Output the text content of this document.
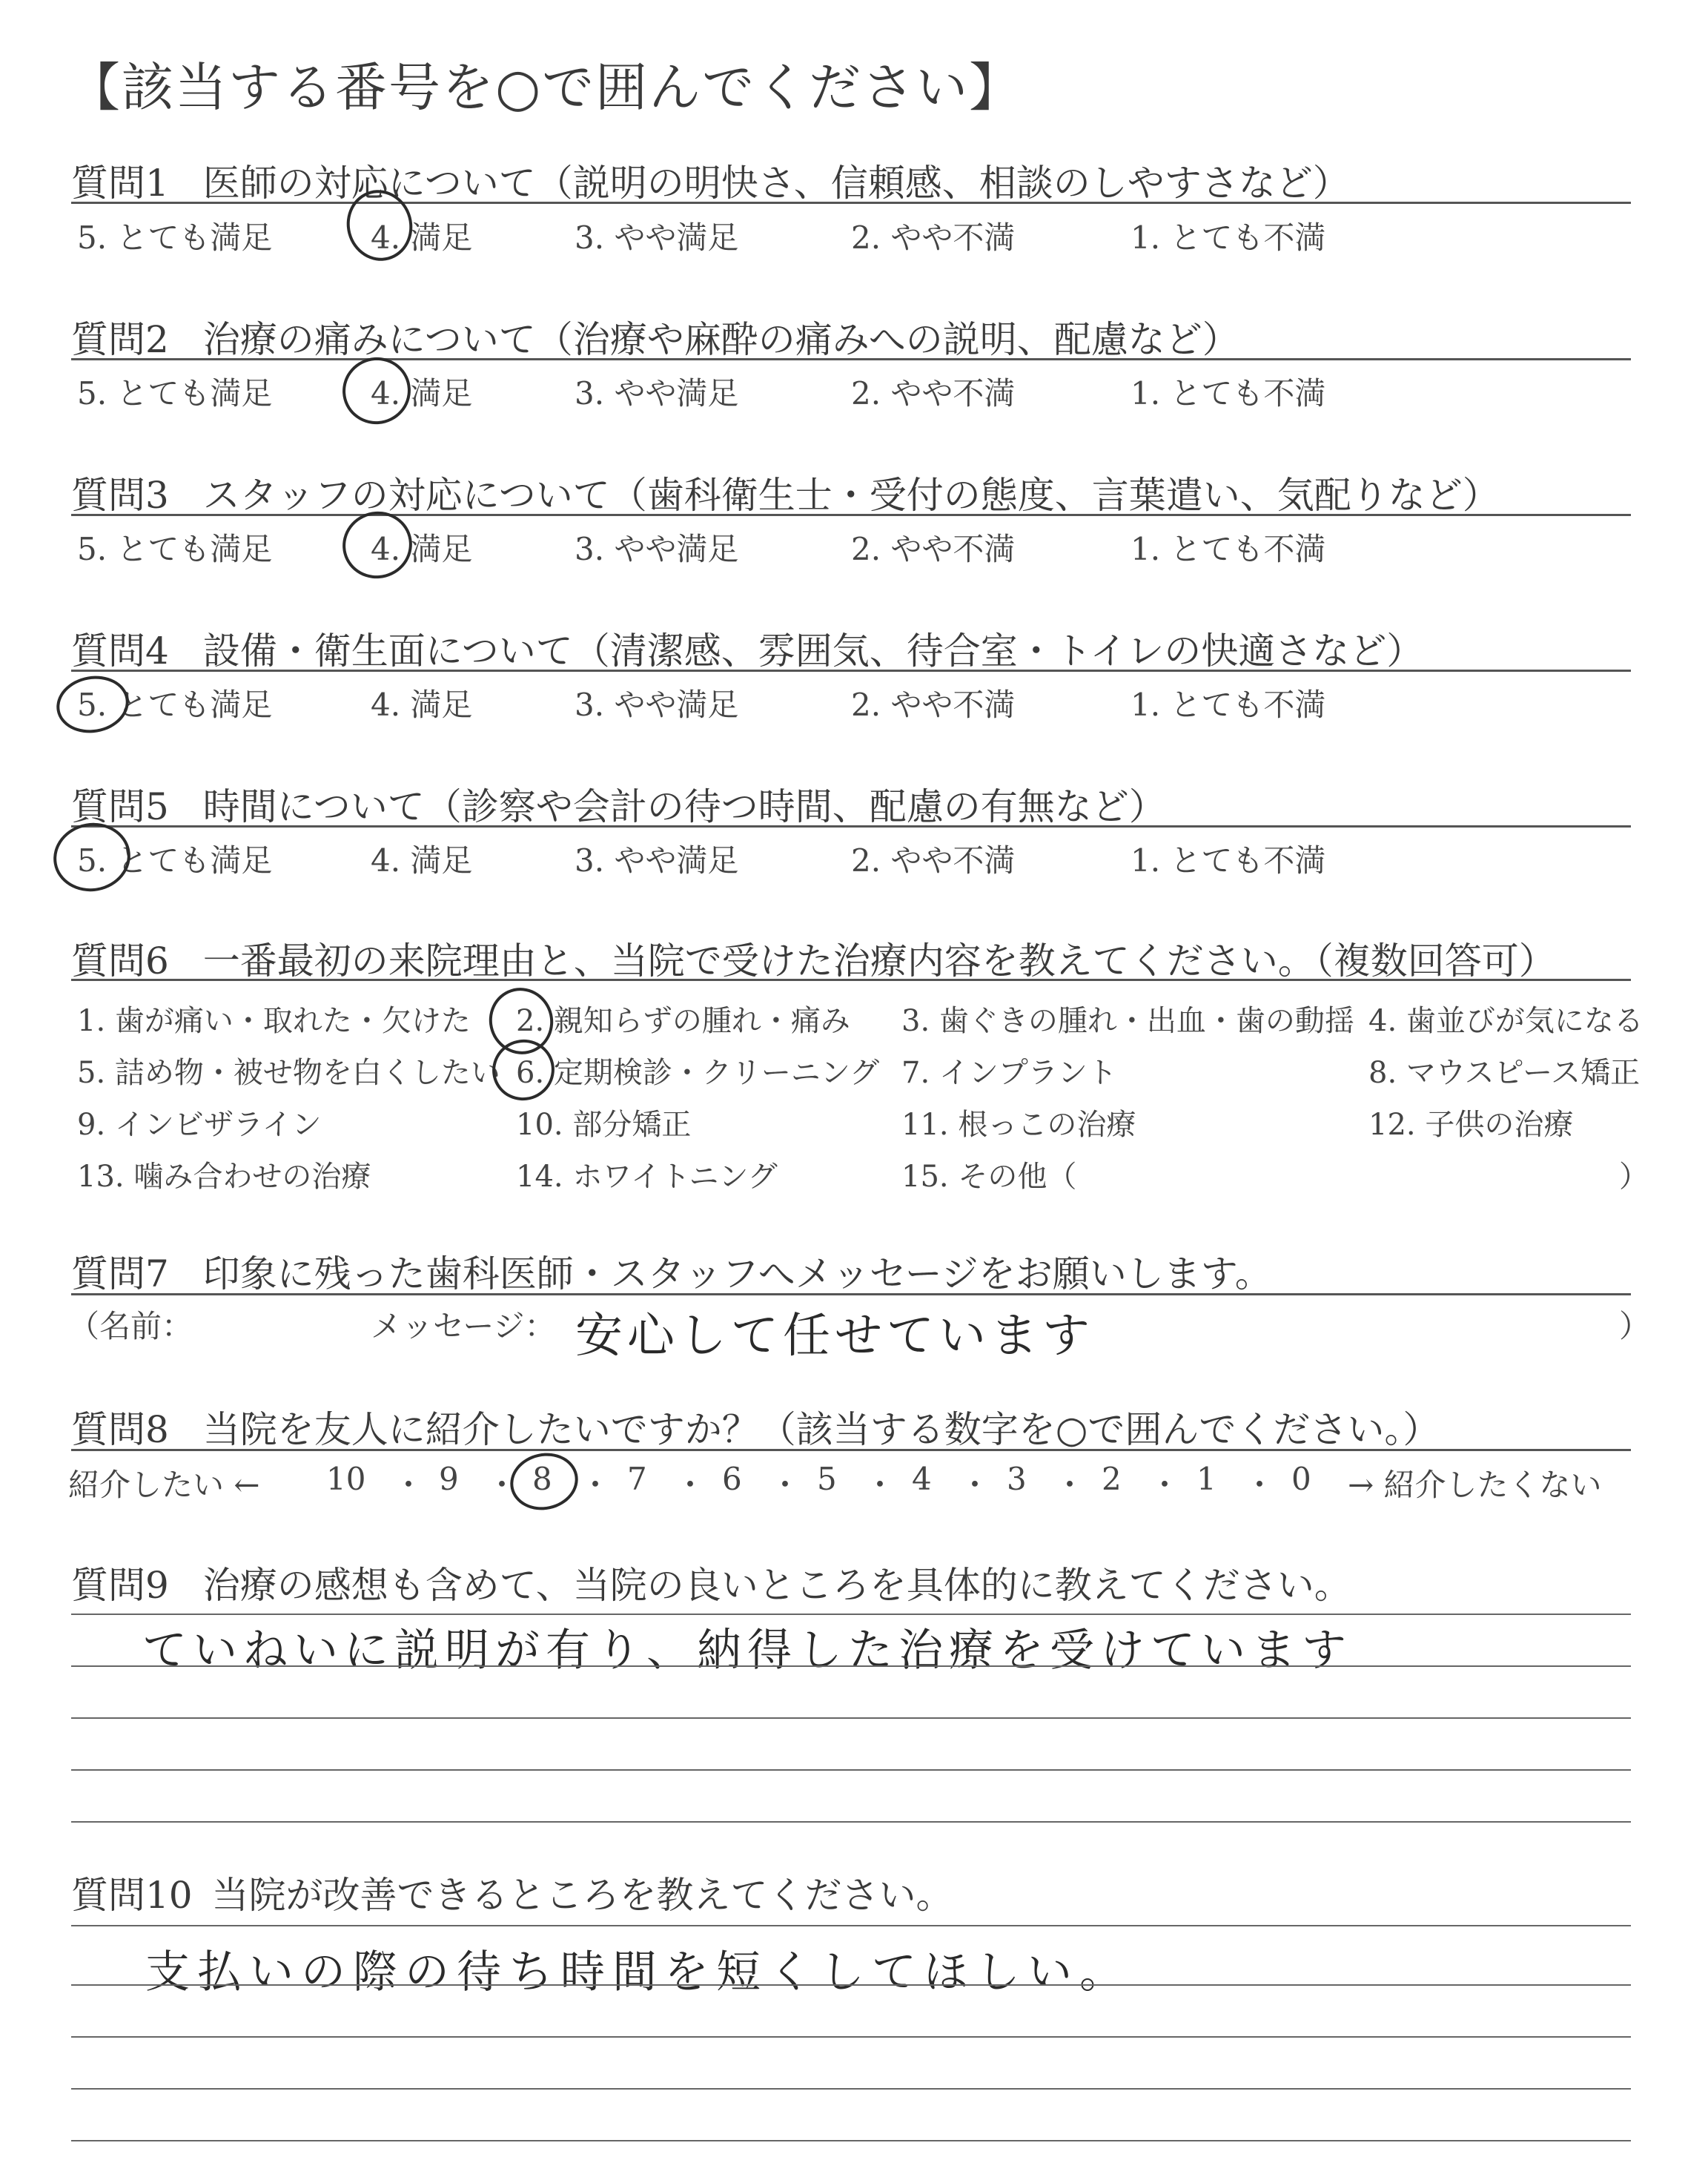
【該当する番号を○で囲んでください】
質問1 医師の対応について（説明の明快さ、信頼感、相談のしやすさなど）
5. とても満足	4. 満足	3. やや満足	2. やや不満	1. とても不満
質問2 治療の痛みについて（治療や麻酔の痛みへの説明、配慮など）
5. とても満足	4. 満足	3. やや満足	2. やや不満	1. とても不満
質問3 スタッフの対応について（歯科衛生士・受付の態度、言葉遣い、気配りなど）
5. とても満足	4. 満足	3. やや満足	2. やや不満	1. とても不満
質問4 設備・衛生面について（清潔感、雰囲気、待合室・トイレの快適さなど）
5. とても満足	4. 満足	3. やや満足	2. やや不満	1. とても不満
質問5 時間について（診察や会計の待つ時間、配慮の有無など）
5. とても満足	4. 満足	3. やや満足	2. やや不満	1. とても不満
質問6 一番最初の来院理由と、当院で受けた治療内容を教えてください。（複数回答可）
1. 歯が痛い・取れた・欠けた 2. 親知らずの腫れ・痛み 3. 歯ぐきの腫れ・出血・歯の動揺 4. 歯並びが気になる
5. 詰め物・被せ物を白くしたい 6. 定期検診・クリーニング 7. インプラント	8. マウスピース矯正
9. インビザライン	10. 部分矯正	11. 根っこの治療	12. 子供の治療
13. 噛み合わせの治療	14. ホワイトニング	15. その他（	）
質問7 印象に残った歯科医師・スタッフへメッセージをお願いします。
（名前：	メッセージ： 安心して任せています	）
質問8 当院を友人に紹介したいですか？（該当する数字を○で囲んでください。）
紹介したい ← 10 ・ 9 ・ 8 ・ 7 ・ 6 ・ 5 ・ 4 ・ 3 ・ 2 ・ 1 ・ 0 → 紹介したくない
質問9 治療の感想も含めて、当院の良いところを具体的に教えてください。
ていねいに説明が有り、納得した治療を受けています
質問10 当院が改善できるところを教えてください。
支払いの際の待ち時間を短くしてほしい。
